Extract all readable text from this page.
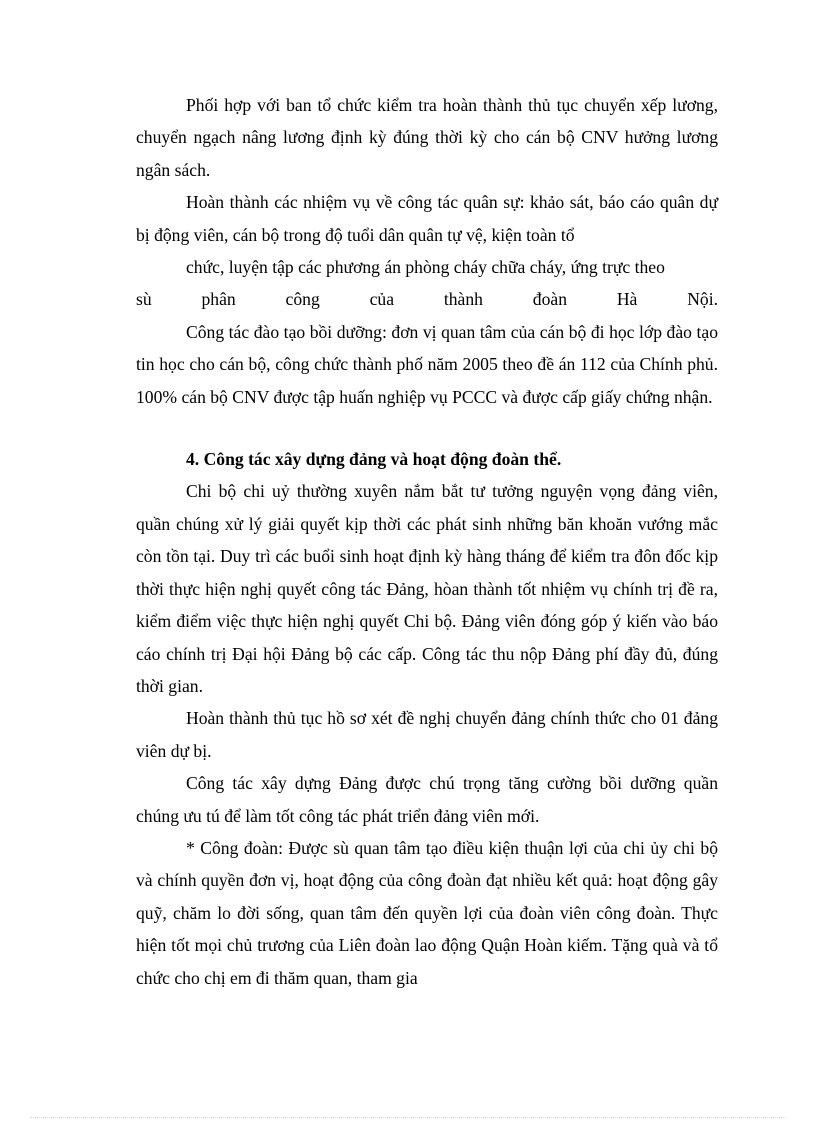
Phối hợp với ban tổ chức kiểm tra hoàn thành thủ tục chuyển xếp lương, chuyển ngạch nâng lương định kỳ đúng thời kỳ cho cán bộ CNV hưởng lương ngân sách.

Hoàn thành các nhiệm vụ về công tác quân sự: khảo sát, báo cáo quân dự bị động viên, cán bộ trong độ tuổi dân quân tự vệ, kiện toàn tổ

chức, luyện tập các phương án phòng cháy chữa cháy, ứng trực theo

sù phân công của thành đoàn Hà Nội.

Công tác đào tạo bồi dưỡng: đơn vị quan tâm của cán bộ đi học lớp đào tạo tin học cho cán bộ, công chức thành phố năm 2005 theo đề án 112 của Chính phủ. 100% cán bộ CNV được tập huấn nghiệp vụ PCCC và được cấp giấy chứng nhận.

4. Công tác xây dựng đảng và hoạt động đoàn thể.

Chi bộ chi uỷ thường xuyên nắm bắt tư tưởng nguyện vọng đảng viên, quần chúng xử lý giải quyết kịp thời các phát sinh những băn khoăn vướng mắc còn tồn tại. Duy trì các buổi sinh hoạt định kỳ hàng tháng để kiểm tra đôn đốc kịp thời thực hiện nghị quyết công tác Đảng, hòan thành tốt nhiệm vụ chính trị đề ra, kiểm điểm việc thực hiện nghị quyết Chi bộ. Đảng viên đóng góp ý kiến vào báo cáo chính trị Đại hội Đảng bộ các cấp. Công tác thu nộp Đảng phí đầy đủ, đúng thời gian.

Hoàn thành thủ tục hồ sơ xét đề nghị chuyển đảng chính thức cho 01 đảng viên dự bị.

Công tác xây dựng Đảng được chú trọng tăng cường bồi dưỡng quần chúng ưu tú để làm tốt công tác phát triển đảng viên mới.

* Công đoàn: Được sù quan tâm tạo điều kiện thuận lợi của chi ủy chi bộ và chính quyền đơn vị, hoạt động của công đoàn đạt nhiều kết quả: hoạt động gây quỹ, chăm lo đời sống, quan tâm đến quyền lợi của đoàn viên công đoàn. Thực hiện tốt mọi chủ trương của Liên đoàn lao động Quận Hoàn kiếm. Tặng quà và tổ chức cho chị em đi thăm quan, tham gia
